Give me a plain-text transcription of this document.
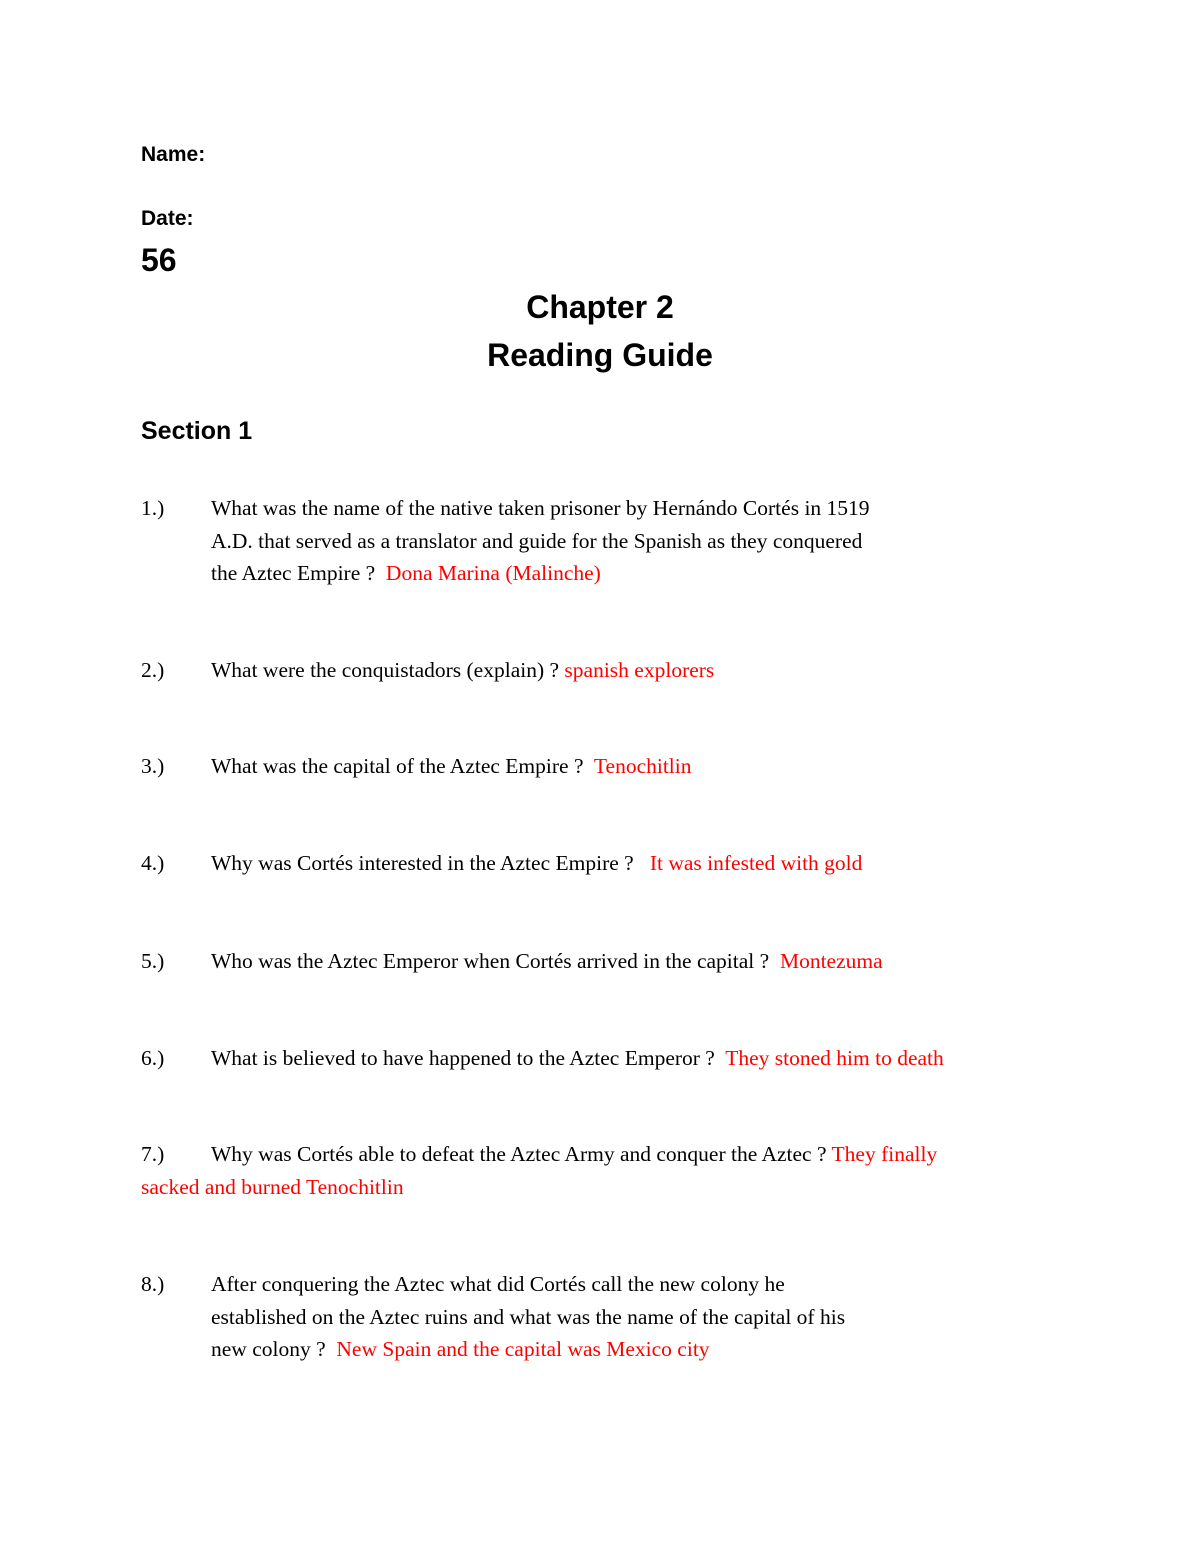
Name:
Date:
56
Chapter 2
Reading Guide
Section 1
1.) What was the name of the native taken prisoner by Hernándo Cortés in 1519
A.D. that served as a translator and guide for the Spanish as they conquered
the Aztec Empire ? Dona Marina (Malinche)
2.) What were the conquistadors (explain) ? spanish explorers
3.) What was the capital of the Aztec Empire ? Tenochitlin
4.) Why was Cortés interested in the Aztec Empire ? It was infested with gold
5.) Who was the Aztec Emperor when Cortés arrived in the capital ? Montezuma
6.) What is believed to have happened to the Aztec Emperor ? They stoned him to death
7.) Why was Cortés able to defeat the Aztec Army and conquer the Aztec ? They finally
sacked and burned Tenochitlin
8.) After conquering the Aztec what did Cortés call the new colony he
established on the Aztec ruins and what was the name of the capital of his
new colony ? New Spain and the capital was Mexico city
